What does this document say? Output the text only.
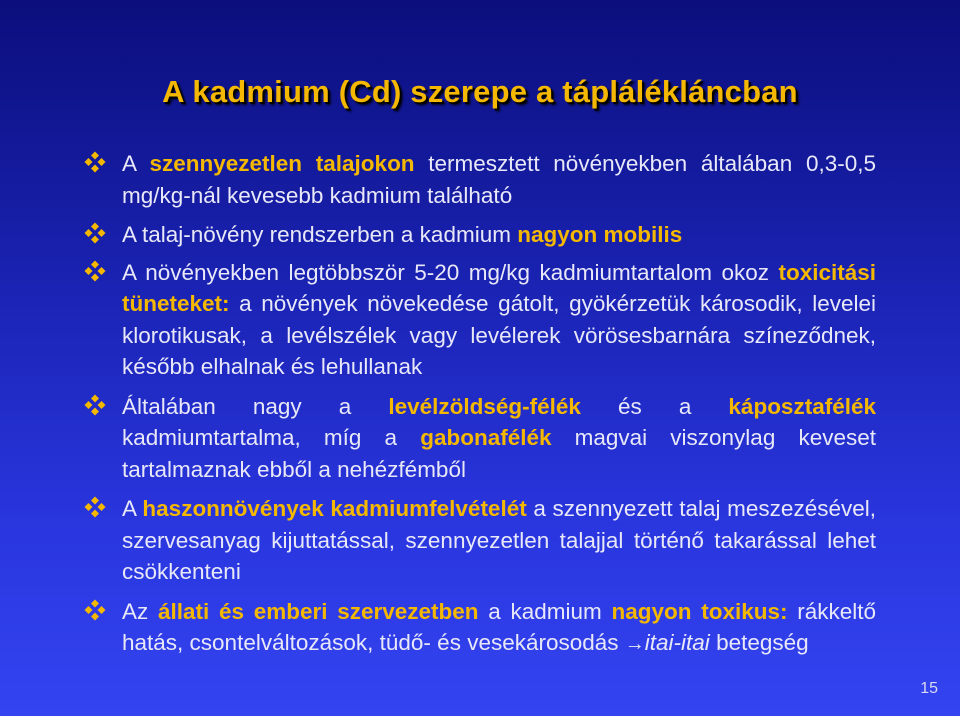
A kadmium (Cd) szerepe a táplálékláncban
A szennyezetlen talajokon termesztett növényekben általában 0,3-0,5 mg/kg-nál kevesebb kadmium található
A talaj-növény rendszerben a kadmium nagyon mobilis
A növényekben legtöbbször 5-20 mg/kg kadmiumtartalom okoz toxicitási tüneteket: a növények növekedése gátolt, gyökérzetük károsodik, levelei klorotikusak, a levélszélek vagy levélerek vörösesbarnára színeződnek, később elhalnak és lehullanak
Általában nagy a levélzöldség-félék és a káposztafélék kadmiumtartalma, míg a gabonafélék magvai viszonylag keveset tartalmaznak ebből a nehézfémből
A haszonnövények kadmiumfelvételét a szennyezett talaj meszezésével, szervesanyag kijuttatással, szennyezetlen talajjal történő takarással lehet csökkenteni
Az állati és emberi szervezetben a kadmium nagyon toxikus: rákkeltő hatás, csontelváltozások, tüdő- és vesekárosodás →itai-itai betegség
15
